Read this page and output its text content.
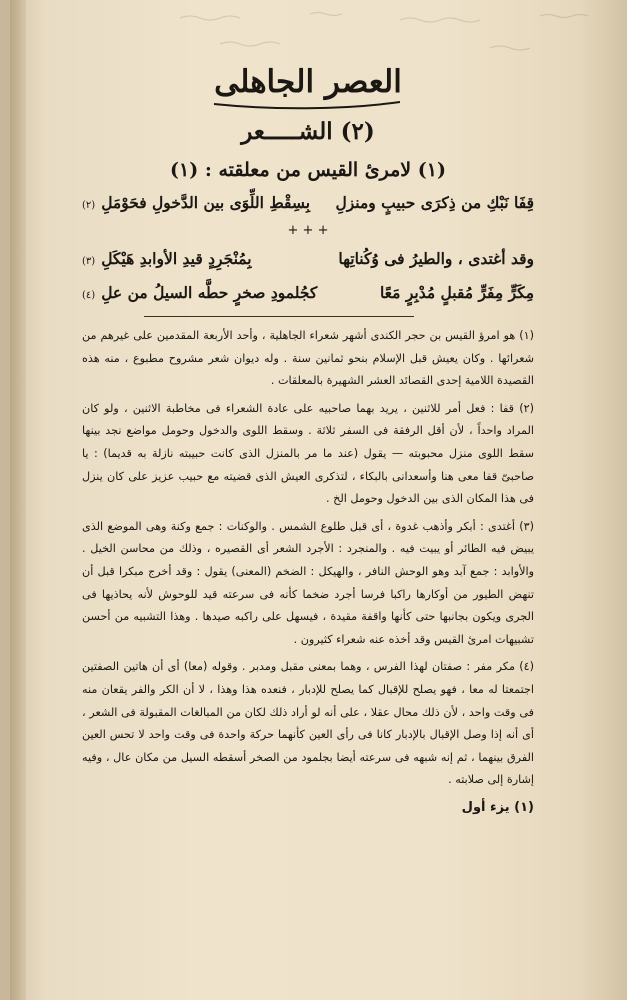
العصر الجاهلى
(٢) الشـــــعر
(١) لامرئ القيس من معلقته : (١)
قِفَا نَبْكِ من ذِكرَى حبيبٍ ومنزلِ
بِسِقْطِ اللِّوَى بين الدَّخولِ فحَوْمَلِ(٢)
+ + +
وقد أغتدى ، والطيرُ فى وُكُناتِها
بِمُنْجَرِدٍ قيدِ الأوابدِ هَيْكَلِ(٣)
مِكَرٍّ مِفَرٍّ مُقبلٍ مُدْبِرٍ مَعًا
كجُلمودِ صخرٍ حطَّه السيلُ من علِ(٤)

(١) هو امرؤ القيس بن حجر الكندى أشهر شعراء الجاهلية ، وأحد الأربعة المقدمين على غيرهم من شعرائها . وكان يعيش قبل الإسلام بنحو ثمانين سنة . وله ديوان شعر مشروح مطبوع ، منه هذه القصيدة اللامية إحدى القصائد العشر الشهيرة بالمعلقات .

(٢) قفا : فعل أمر للاثنين ، يريد بهما صاحبيه على عادة الشعراء فى مخاطبة الاثنين ، ولو كان المراد واحداً ، لأن أقل الرفقة فى السفر ثلاثة . وسقط اللوى والدخول وحومل مواضع نجد بينها سقط اللوى منزل محبوبته — يقول (عند ما مر بالمنزل الذى كانت حبيبته نازلة به قديما) : يا صاحبىّ قفا معى هنا وأسعدانى بالبكاء ، لتذكرى العيش الذى قضيته مع حبيب عزيز على كان ينزل فى هذا المكان الذى بين الدخول وحومل الخ .

(٣) أغتدى : أبكر وأذهب غدوة ، أى قبل طلوع الشمس . والوكنات : جمع وكنة وهى الموضع الذى يبيض فيه الطائر أو يبيت فيه . والمنجرد : الأجرد الشعر أى القصيره ، وذلك من محاسن الخيل . والأوابد : جمع آبد وهو الوحش النافر ، والهيكل : الضخم (المعنى) يقول : وقد أخرج مبكرا قبل أن تنهض الطيور من أوكارها راكبا فرسا أجرد ضخما كأنه فى سرعته قيد للوحوش لأنه يحاذيها فى الجرى ويكون بجانبها حتى كأنها واقفة مقيدة ، فيسهل على راكبه صيدها . وهذا التشبيه من أحسن تشبيهات امرئ القيس وقد أخذه عنه شعراء كثيرون .

(٤) مكر مفر : صفتان لهذا الفرس ، وهما بمعنى مقبل ومدبر . وقوله (معا) أى أن هاتين الصفتين اجتمعتا له معا ، فهو يصلح للإقبال كما يصلح للإدبار ، فنعده هذا وهذا ، لا أن الكر والفر يقعان منه فى وقت واحد ، لأن ذلك محال عقلا ، على أنه لو أراد ذلك لكان من المبالغات المقبولة فى الشعر ، أى أنه إذا وصل الإقبال بالإدبار كانا فى رأى العين كأنهما حركة واحدة فى وقت واحد لا تحس العين الفرق بينهما ، ثم إنه شبهه فى سرعته أيضا بجلمود من الصخر أسقطه السيل من مكان عال ، وفيه إشارة إلى صلابته .

(١) يزء أول
